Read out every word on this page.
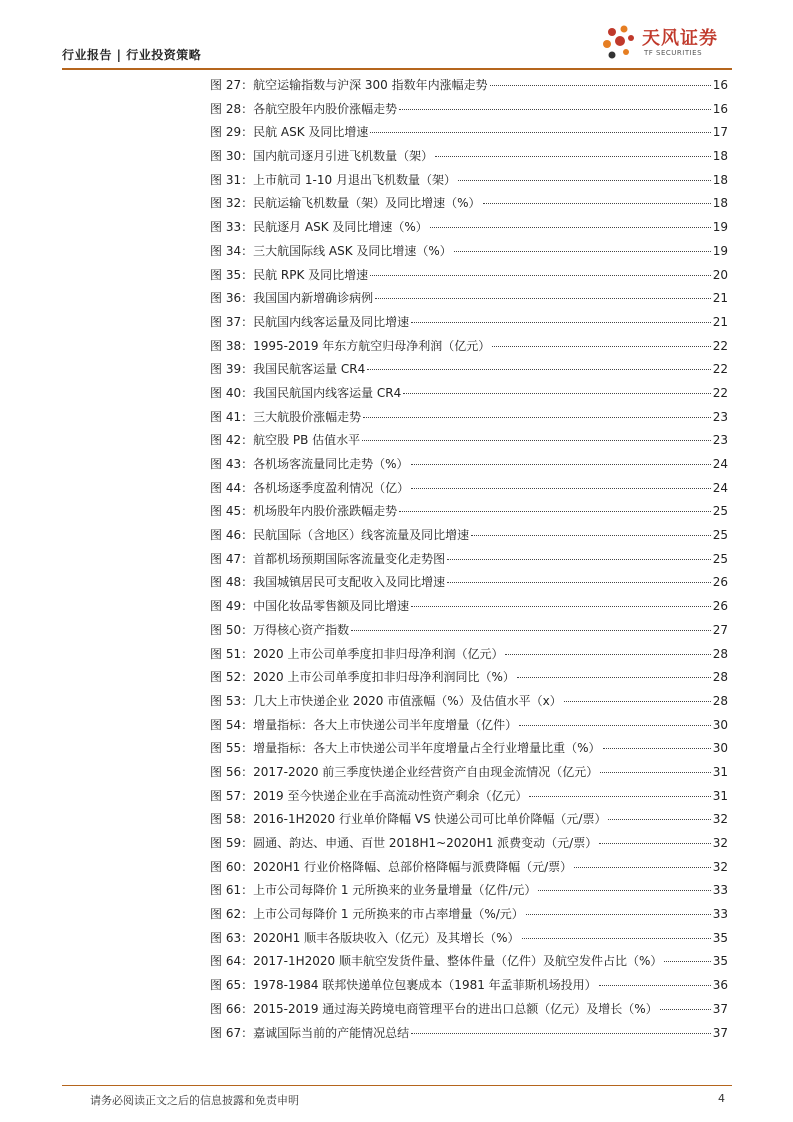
行业报告 | 行业投资策略
天风证券
TF SECURITIES
图 27：航空运输指数与沪深 300 指数年内涨幅走势	16
图 28：各航空股年内股价涨幅走势	16
图 29：民航 ASK 及同比增速	17
图 30：国内航司逐月引进飞机数量（架）	18
图 31：上市航司 1-10 月退出飞机数量（架）	18
图 32：民航运输飞机数量（架）及同比增速（%）	18
图 33：民航逐月 ASK 及同比增速（%）	19
图 34：三大航国际线 ASK 及同比增速（%）	19
图 35：民航 RPK 及同比增速	20
图 36：我国国内新增确诊病例	21
图 37：民航国内线客运量及同比增速	21
图 38：1995-2019 年东方航空归母净利润（亿元）	22
图 39：我国民航客运量 CR4	22
图 40：我国民航国内线客运量 CR4	22
图 41：三大航股价涨幅走势	23
图 42：航空股 PB 估值水平	23
图 43：各机场客流量同比走势（%）	24
图 44：各机场逐季度盈利情况（亿）	24
图 45：机场股年内股价涨跌幅走势	25
图 46：民航国际（含地区）线客流量及同比增速	25
图 47：首都机场预期国际客流量变化走势图	25
图 48：我国城镇居民可支配收入及同比增速	26
图 49：中国化妆品零售额及同比增速	26
图 50：万得核心资产指数	27
图 51：2020 上市公司单季度扣非归母净利润（亿元）	28
图 52：2020 上市公司单季度扣非归母净利润同比（%）	28
图 53：几大上市快递企业 2020 市值涨幅（%）及估值水平（x）	28
图 54：增量指标：各大上市快递公司半年度增量（亿件）	30
图 55：增量指标：各大上市快递公司半年度增量占全行业增量比重（%）	30
图 56：2017-2020 前三季度快递企业经营资产自由现金流情况（亿元）	31
图 57：2019 至今快递企业在手高流动性资产剩余（亿元）	31
图 58：2016-1H2020 行业单价降幅 VS 快递公司可比单价降幅（元/票）	32
图 59：圆通、韵达、申通、百世 2018H1~2020H1 派费变动（元/票）	32
图 60：2020H1 行业价格降幅、总部价格降幅与派费降幅（元/票）	32
图 61：上市公司每降价 1 元所换来的业务量增量（亿件/元）	33
图 62：上市公司每降价 1 元所换来的市占率增量（%/元）	33
图 63：2020H1 顺丰各版块收入（亿元）及其增长（%）	35
图 64：2017-1H2020 顺丰航空发货件量、整体件量（亿件）及航空发件占比（%）	35
图 65：1978-1984 联邦快递单位包裹成本（1981 年孟菲斯机场投用）	36
图 66：2015-2019 通过海关跨境电商管理平台的进出口总额（亿元）及增长（%）	37
图 67：嘉诚国际当前的产能情况总结	37
请务必阅读正文之后的信息披露和免责申明	4
